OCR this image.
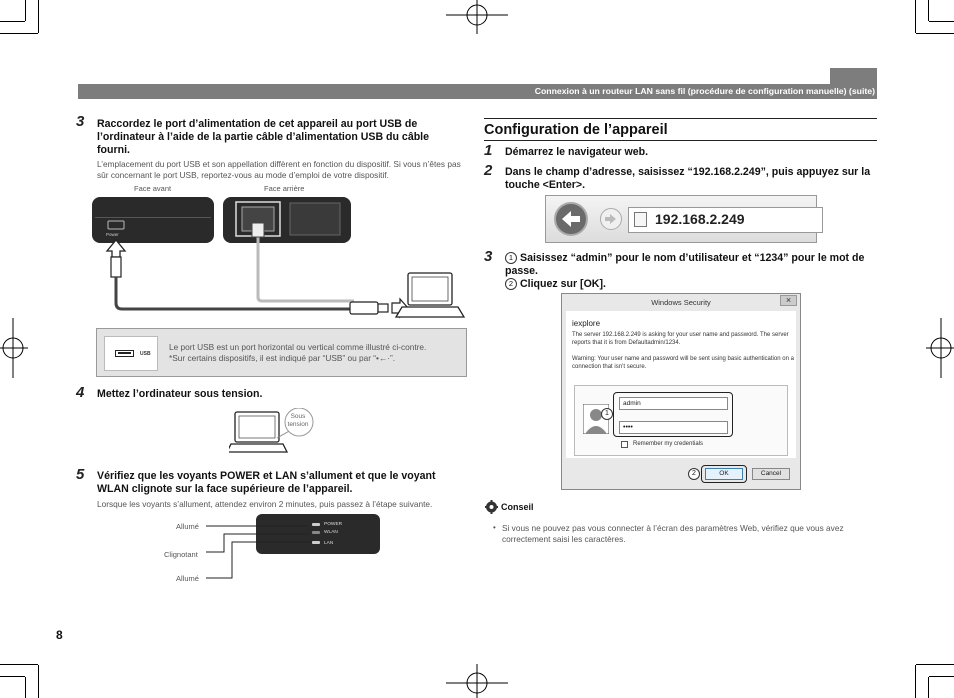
Connexion à un routeur LAN sans fil (procédure de configuration manuelle) (suite)
3 Raccordez le port d’alimentation de cet appareil au port USB de l’ordinateur à l’aide de la partie câble d’alimentation USB du câble fourni.
L’emplacement du port USB et son appellation diffèrent en fonction du dispositif. Si vous n’êtes pas sûr concernant le port USB, reportez-vous au mode d’emploi de votre dispositif.
Face avant	Face arrière
Power
USB
Le port USB est un port horizontal ou vertical comme illustré ci-contre.
*Sur certains dispositifs, il est indiqué par “USB” ou par “•←·”.
4 Mettez l’ordinateur sous tension.
Sous tension
5 Vérifiez que les voyants POWER et LAN s’allument et que le voyant WLAN clignote sur la face supérieure de l’appareil.
Lorsque les voyants s’allument, attendez environ 2 minutes, puis passez à l’étape suivante.
Allumé
Clignotant
Allumé
POWER
WLAN
LAN
8
Configuration de l’appareil
1 Démarrez le navigateur web.
2 Dans le champ d’adresse, saisissez “192.168.2.249”, puis appuyez sur la touche <Enter>.
192.168.2.249
3	1 Saisissez “admin” pour le nom d’utilisateur et “1234” pour le mot de passe.
2 Cliquez sur [OK].
Windows Security	×
iexplore
The server 192.168.2.249 is asking for your user name and password. The server reports that it is from Defaultadmin/1234.
Warning: Your user name and password will be sent using basic authentication on a connection that isn’t secure.
1
admin
••••
Remember my credentials
2	OK	Cancel
Conseil
• Si vous ne pouvez pas vous connecter à l’écran des paramètres Web, vérifiez que vous avez correctement saisi les caractères.
